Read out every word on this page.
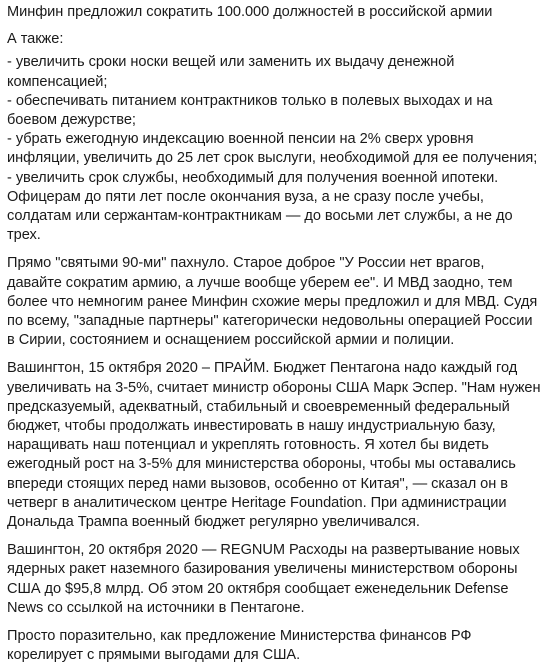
Минфин предложил сократить 100.000 должностей в российской армии
А также:
- увеличить сроки носки вещей или заменить их выдачу денежной
компенсацией;
- обеспечивать питанием контрактников только в полевых выходах и на
боевом дежурстве;
- убрать ежегодную индексацию военной пенсии на 2% сверх уровня
инфляции, увеличить до 25 лет срок выслуги, необходимой для ее получения;
- увеличить срок службы, необходимый для получения военной ипотеки.
Офицерам до пяти лет после окончания вуза, а не сразу после учебы,
солдатам или сержантам-контрактникам — до восьми лет службы, а не до
трех.
Прямо "святыми 90-ми" пахнуло. Старое доброе "У России нет врагов,
давайте сократим армию, а лучше вообще уберем ее". И МВД заодно, тем
более что немногим ранее Минфин схожие меры предложил и для МВД. Судя
по всему, "западные партнеры" категорически недовольны операцией России
в Сирии, состоянием и оснащением российской армии и полиции.
Вашингтон, 15 октября 2020 – ПРАЙМ. Бюджет Пентагона надо каждый год
увеличивать на 3-5%, считает министр обороны США Марк Эспер. "Нам нужен
предсказуемый, адекватный, стабильный и своевременный федеральный
бюджет, чтобы продолжать инвестировать в нашу индустриальную базу,
наращивать наш потенциал и укреплять готовность. Я хотел бы видеть
ежегодный рост на 3-5% для министерства обороны, чтобы мы оставались
впереди стоящих перед нами вызовов, особенно от Китая", — сказал он в
четверг в аналитическом центре Heritage Foundation. При администрации
Дональда Трампа военный бюджет регулярно увеличивался.
Вашингтон, 20 октября 2020 — REGNUM Расходы на развертывание новых
ядерных ракет наземного базирования увеличены министерством обороны
США до $95,8 млрд. Об этом 20 октября сообщает еженедельник Defense
News со ссылкой на источники в Пентагоне.
Просто поразительно, как предложение Министерства финансов РФ
корелирует с прямыми выгодами для США.
